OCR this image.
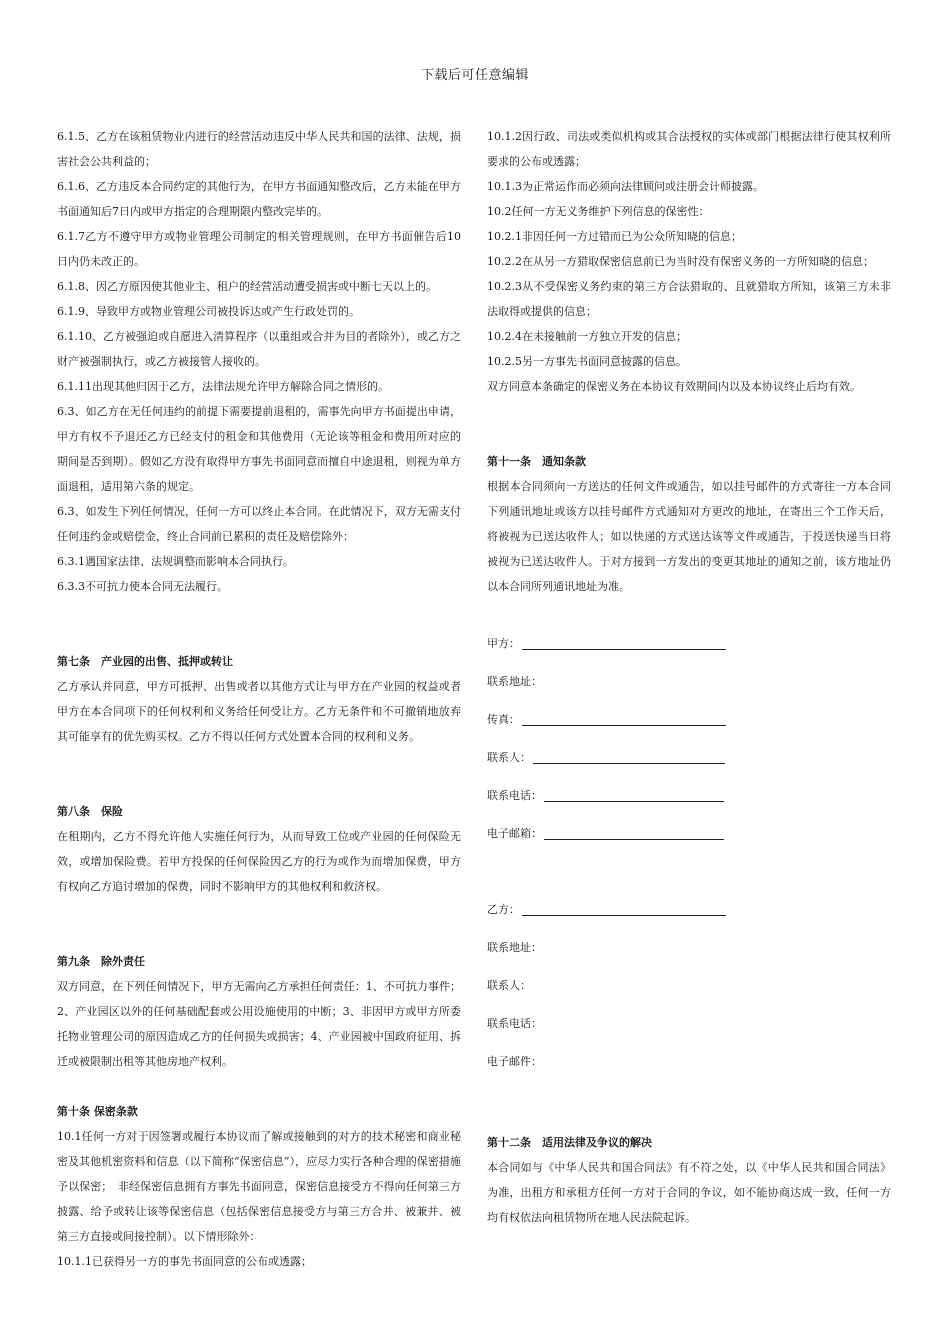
下载后可任意编辑

6.1.5、乙方在该租赁物业内进行的经营活动违反中华人民共和国的法律、法规，损害社会公共利益的；

6.1.6、乙方违反本合同约定的其他行为，在甲方书面通知整改后，乙方未能在甲方书面通知后7日内或甲方指定的合理期限内整改完毕的。

6.1.7乙方不遵守甲方或物业管理公司制定的相关管理规则，在甲方书面催告后10日内仍未改正的。

6.1.8、因乙方原因使其他业主、租户的经营活动遭受损害或中断七天以上的。

6.1.9、导致甲方或物业管理公司被投诉达或产生行政处罚的。

6.1.10、乙方被强迫或自愿进入清算程序（以重组或合并为目的者除外），或乙方之财产被强制执行，或乙方被接管人接收的。

6.1.11出现其他归因于乙方，法律法规允许甲方解除合同之情形的。

6.3、如乙方在无任何违约的前提下需要提前退租的，需事先向甲方书面提出申请，甲方有权不予退还乙方已经支付的租金和其他费用（无论该等租金和费用所对应的期间是否到期）。假如乙方没有取得甲方事先书面同意而擅自中途退租，则视为单方面退租，适用第六条的规定。

6.3、如发生下列任何情况，任何一方可以终止本合同。在此情况下，双方无需支付任何违约金或赔偿金，终止合同前已累积的责任及赔偿除外：

6.3.1遇国家法律、法规调整而影响本合同执行。

6.3.3不可抗力使本合同无法履行。

第七条　产业园的出售、抵押或转让

乙方承认并同意，甲方可抵押、出售或者以其他方式让与甲方在产业园的权益或者甲方在本合同项下的任何权利和义务给任何受让方。乙方无条件和不可撤销地放弃其可能享有的优先购买权。乙方不得以任何方式处置本合同的权利和义务。

第八条　保险

在租期内，乙方不得允许他人实施任何行为，从而导致工位或产业园的任何保险无效，或增加保险费。若甲方投保的任何保险因乙方的行为或作为而增加保费，甲方有权向乙方追讨增加的保费，同时不影响甲方的其他权利和救济权。

第九条　除外责任

双方同意，在下列任何情况下，甲方无需向乙方承担任何责任：1、不可抗力事件；2、产业园区以外的任何基础配套或公用设施使用的中断；3、非因甲方或甲方所委托物业管理公司的原因造成乙方的任何损失或损害；4、产业园被中国政府征用、拆迁或被限制出租等其他房地产权利。

第十条 保密条款

10.1任何一方对于因签署或履行本协议而了解或接触到的对方的技术秘密和商业秘密及其他机密资料和信息（以下简称“保密信息”），应尽力实行各种合理的保密措施予以保密；　非经保密信息拥有方事先书面同意，保密信息接受方不得向任何第三方披露、给予或转让该等保密信息（包括保密信息接受方与第三方合并、被兼并、被第三方直接或间接控制）。以下情形除外：

10.1.1已获得另一方的事先书面同意的公布或透露；

10.1.2因行政、司法或类似机构或其合法授权的实体或部门根据法律行使其权利所要求的公布或透露；

10.1.3为正常运作而必须向法律顾问或注册会计师披露。

10.2任何一方无义务维护下列信息的保密性：

10.2.1非因任何一方过错而已为公众所知晓的信息；

10.2.2在从另一方猎取保密信息前已为当时没有保密义务的一方所知晓的信息；

10.2.3从不受保密义务约束的第三方合法猎取的、且就猎取方所知，该第三方未非法取得或提供的信息；

10.2.4在未接触前一方独立开发的信息；

10.2.5另一方事先书面同意披露的信息。

双方同意本条确定的保密义务在本协议有效期间内以及本协议终止后均有效。

第十一条　通知条款

根据本合同须向一方送达的任何文件或通告，如以挂号邮件的方式寄往一方本合同下列通讯地址或该方以挂号邮件方式通知对方更改的地址，在寄出三个工作天后，将被视为已送达收件人；如以快递的方式送达该等文件或通告，于投送快递当日将被视为已送达收件人。于对方接到一方发出的变更其地址的通知之前，该方地址仍以本合同所列通讯地址为准。

甲方：
联系地址：
传真：
联系人：
联系电话：
电子邮箱：
乙方：
联系地址：
联系人：
联系电话：
电子邮件：

第十二条　适用法律及争议的解决

本合同如与《中华人民共和国合同法》有不符之处，以《中华人民共和国合同法》为准，出租方和承租方任何一方对于合同的争议，如不能协商达成一致，任何一方均有权依法向租赁物所在地人民法院起诉。
